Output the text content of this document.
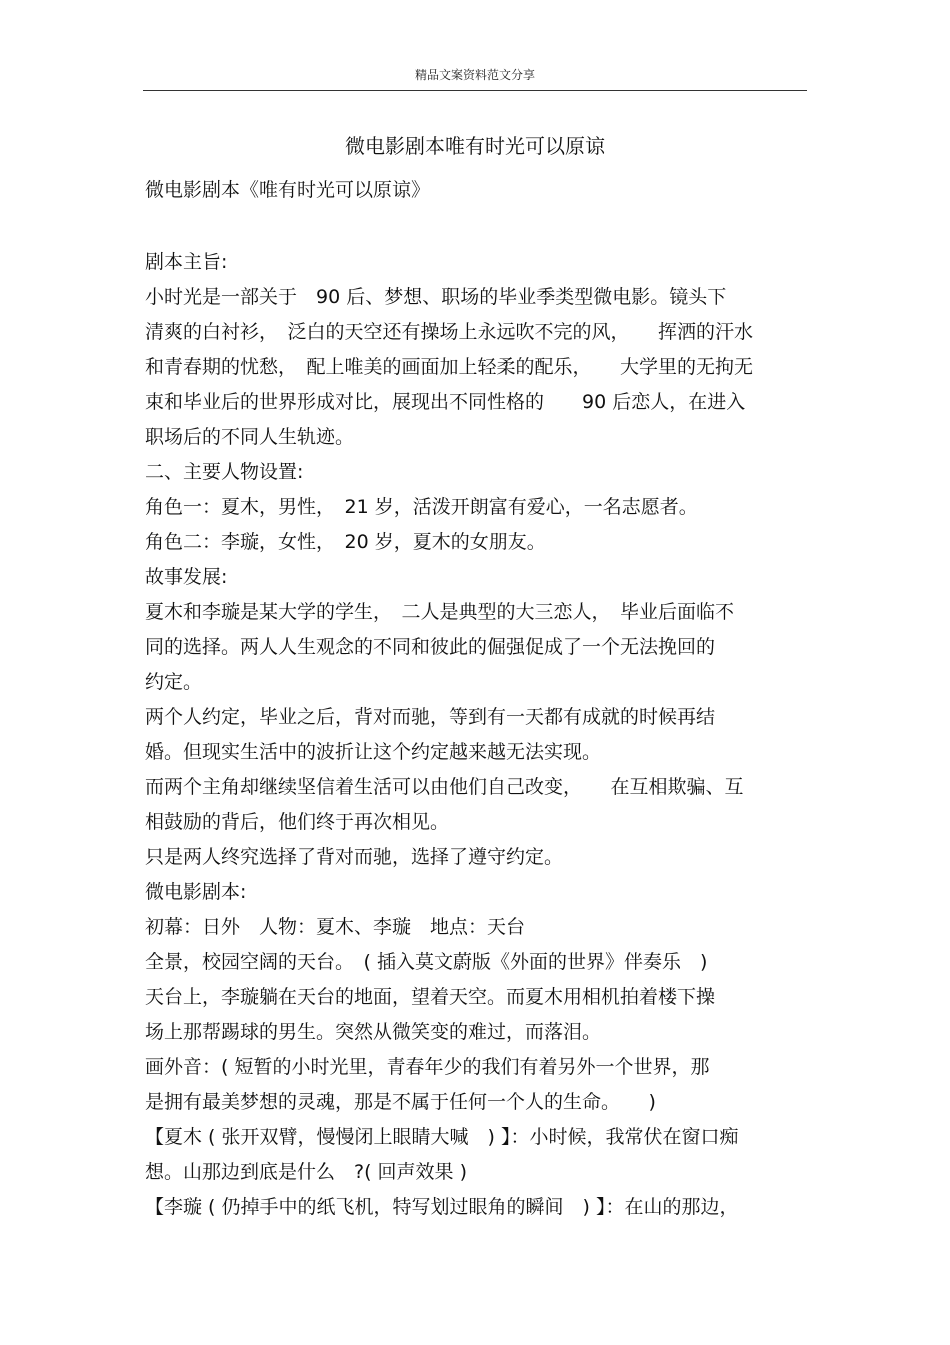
精品文案资料范文分享
微电影剧本唯有时光可以原谅
微电影剧本《唯有时光可以原谅》
剧本主旨:
小时光是一部关于　90 后、梦想、职场的毕业季类型微电影。镜头下
清爽的白衬衫，　泛白的天空还有操场上永远吹不完的风，　　挥洒的汗水
和青春期的忧愁，　配上唯美的画面加上轻柔的配乐，　　大学里的无拘无
束和毕业后的世界形成对比，展现出不同性格的　　90 后恋人，在进入
职场后的不同人生轨迹。
二、主要人物设置:
角色一：夏木，男性，　21 岁，活泼开朗富有爱心，一名志愿者。
角色二：李璇，女性，　20 岁，夏木的女朋友。
故事发展:
夏木和李璇是某大学的学生，　二人是典型的大三恋人，　毕业后面临不
同的选择。两人人生观念的不同和彼此的倔强促成了一个无法挽回的
约定。
两个人约定，毕业之后，背对而驰，等到有一天都有成就的时候再结
婚。但现实生活中的波折让这个约定越来越无法实现。
而两个主角却继续坚信着生活可以由他们自己改变，　　在互相欺骗、互
相鼓励的背后，他们终于再次相见。
只是两人终究选择了背对而驰，选择了遵守约定。
微电影剧本:
初幕：日外　人物：夏木、李璇　地点：天台
全景，校园空阔的天台。　( 插入莫文蔚版《外面的世界》伴奏乐　)
天台上，李璇躺在天台的地面，望着天空。而夏木用相机拍着楼下操
场上那帮踢球的男生。突然从微笑变的难过，而落泪。
画外音：( 短暂的小时光里，青春年少的我们有着另外一个世界，那
是拥有最美梦想的灵魂，那是不属于任何一个人的生命。　　)
【夏木 ( 张开双臂，慢慢闭上眼睛大喊　) 】：小时候，我常伏在窗口痴
想。山那边到底是什么　?( 回声效果 )
【李璇 ( 仍掉手中的纸飞机，特写划过眼角的瞬间　) 】：在山的那边，
